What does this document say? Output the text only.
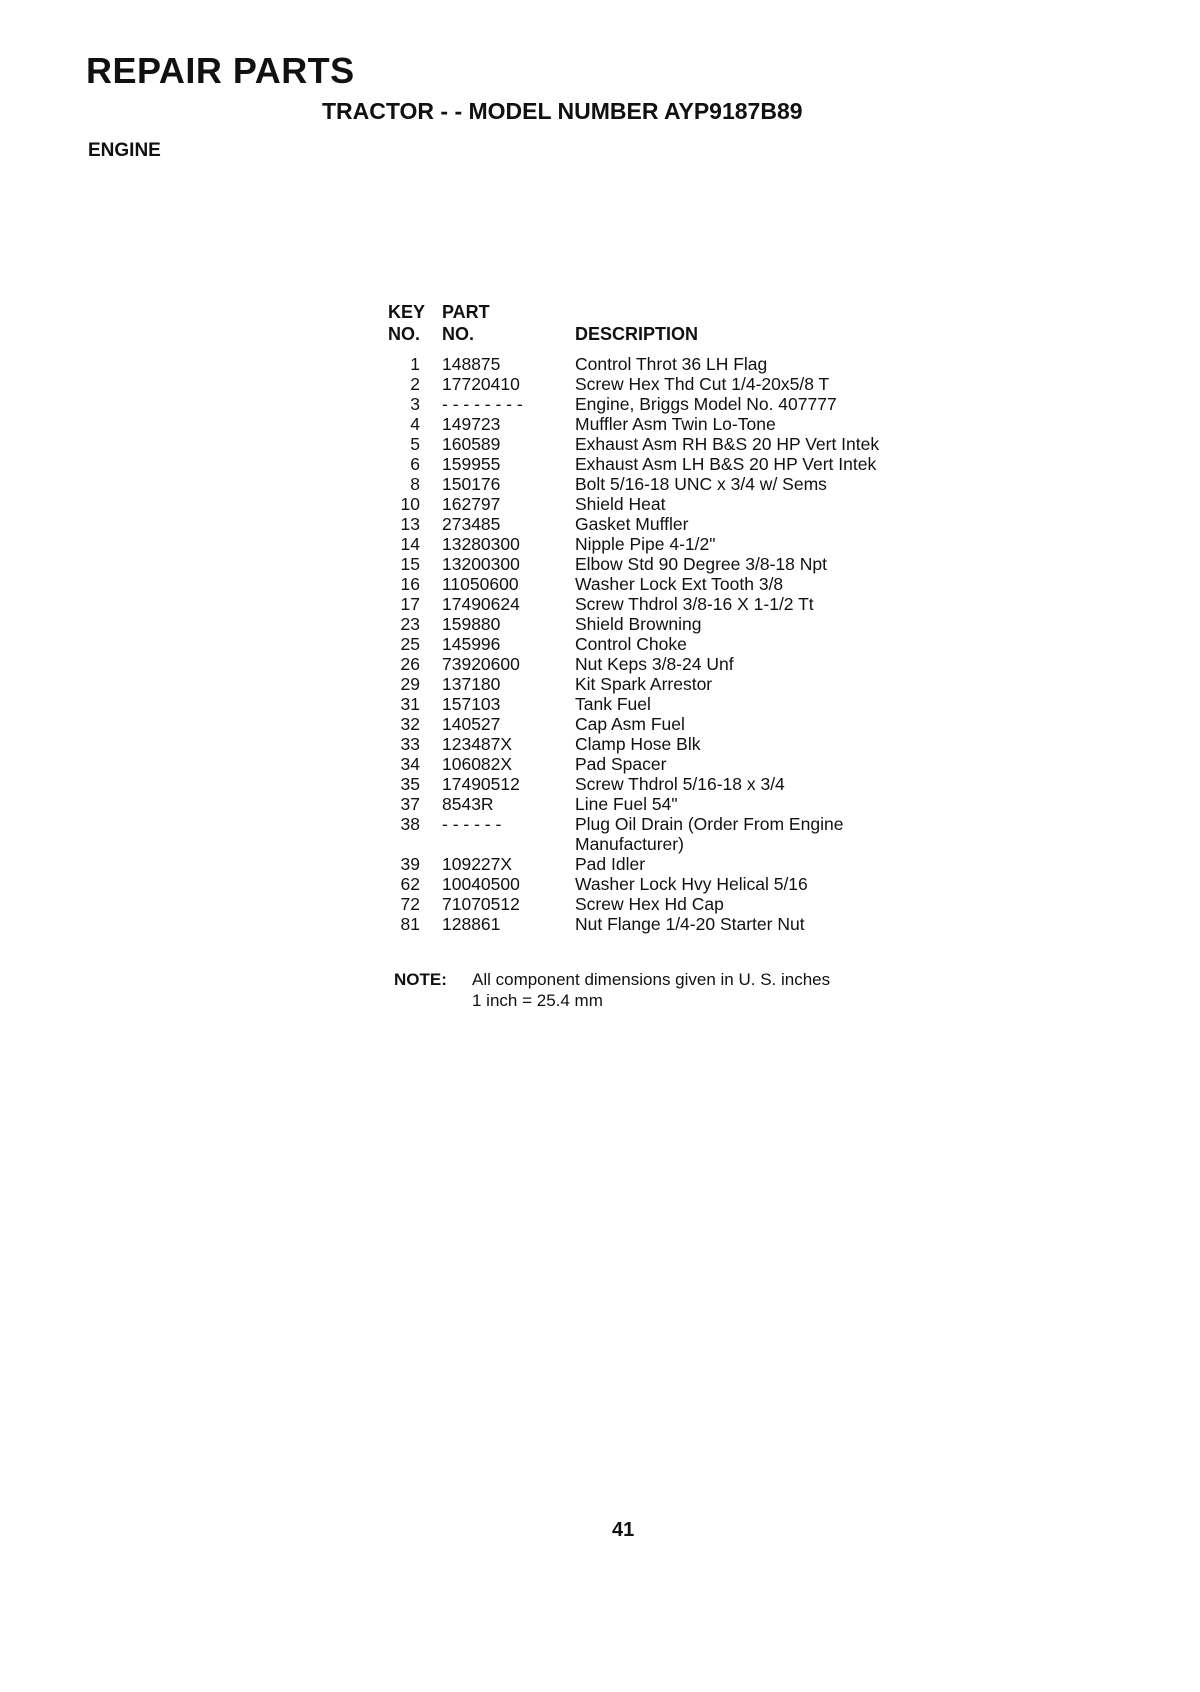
REPAIR PARTS
TRACTOR - - MODEL NUMBER AYP9187B89
ENGINE
KEY
NO.
PART
NO.	DESCRIPTION
1 148875	Control Throt 36 LH Flag
2 17720410	Screw Hex Thd Cut 1/4-20x5/8 T
3 - - - - - - - -	Engine, Briggs Model No. 407777
4 149723	Muffler Asm Twin Lo-Tone
5 160589	Exhaust Asm RH B&S 20 HP Vert Intek
6 159955	Exhaust Asm LH B&S 20 HP Vert Intek
8 150176	Bolt 5/16-18 UNC x 3/4 w/ Sems
10 162797	Shield Heat
13 273485	Gasket Muffler
14 13280300	Nipple Pipe 4-1/2"
15 13200300	Elbow Std 90 Degree 3/8-18 Npt
16 11050600	Washer Lock Ext Tooth 3/8
17 17490624	Screw Thdrol 3/8-16 X 1-1/2 Tt
23 159880	Shield Browning
25 145996	Control Choke
26 73920600	Nut Keps 3/8-24 Unf
29 137180	Kit Spark Arrestor
31 157103	Tank Fuel
32 140527	Cap Asm Fuel
33 123487X	Clamp Hose Blk
34 106082X	Pad Spacer
35 17490512	Screw Thdrol 5/16-18 x 3/4
37 8543R	Line Fuel 54"
38 - - - - - -	Plug Oil Drain (Order From Engine Manufacturer)
39 109227X	Pad Idler
62 10040500	Washer Lock Hvy Helical 5/16
72 71070512	Screw Hex Hd Cap
81 128861	Nut Flange 1/4-20 Starter Nut
NOTE: All component dimensions given in U. S. inches
1 inch = 25.4 mm
41
